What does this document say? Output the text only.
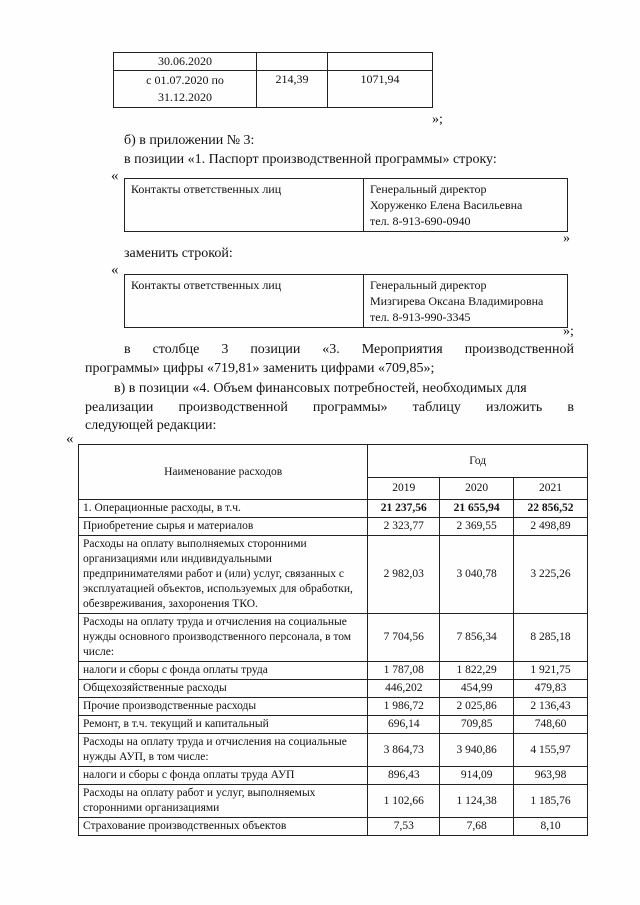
30.06.2020		
с 01.07.2020 по 31.12.2020	214,39	1071,94
»;
б) в приложении № 3:
в позиции «1. Паспорт производственной программы» строку:
«
Контакты ответственных лиц	Генеральный директор
Хоруженко Елена Васильевна
тел. 8-913-690-0940
»
заменить строкой:
«
Контакты ответственных лиц	Генеральный директор
Мизгирева Оксана Владимировна
тел. 8-913-990-3345
»;
в столбце 3 позиции «3. Мероприятия производственной
программы» цифры «719,81» заменить цифрами «709,85»;
в) в позиции «4. Объем финансовых потребностей, необходимых для
реализации производственной программы» таблицу изложить в
следующей редакции:
«
Наименование расходов	Год		
	2019	2020	2021
1. Операционные расходы, в т.ч.	21 237,56	21 655,94	22 856,52
Приобретение сырья и материалов	2 323,77	2 369,55	2 498,89
Расходы на оплату выполняемых сторонними организациями или индивидуальными предпринимателями работ и (или) услуг, связанных с эксплуатацией объектов, используемых для обработки, обезвреживания, захоронения ТКО.	2 982,03	3 040,78	3 225,26
Расходы на оплату труда и отчисления на социальные нужды основного производственного персонала, в том числе:	7 704,56	7 856,34	8 285,18
налоги и сборы с фонда оплаты труда	1 787,08	1 822,29	1 921,75
Общехозяйственные расходы	446,202	454,99	479,83
Прочие производственные расходы	1 986,72	2 025,86	2 136,43
Ремонт, в т.ч. текущий и капитальный	696,14	709,85	748,60
Расходы на оплату труда и отчисления на социальные нужды АУП, в том числе:	3 864,73	3 940,86	4 155,97
налоги и сборы с фонда оплаты труда АУП	896,43	914,09	963,98
Расходы на оплату работ и услуг, выполняемых сторонними организациями	1 102,66	1 124,38	1 185,76
Страхование производственных объектов	7,53	7,68	8,10
